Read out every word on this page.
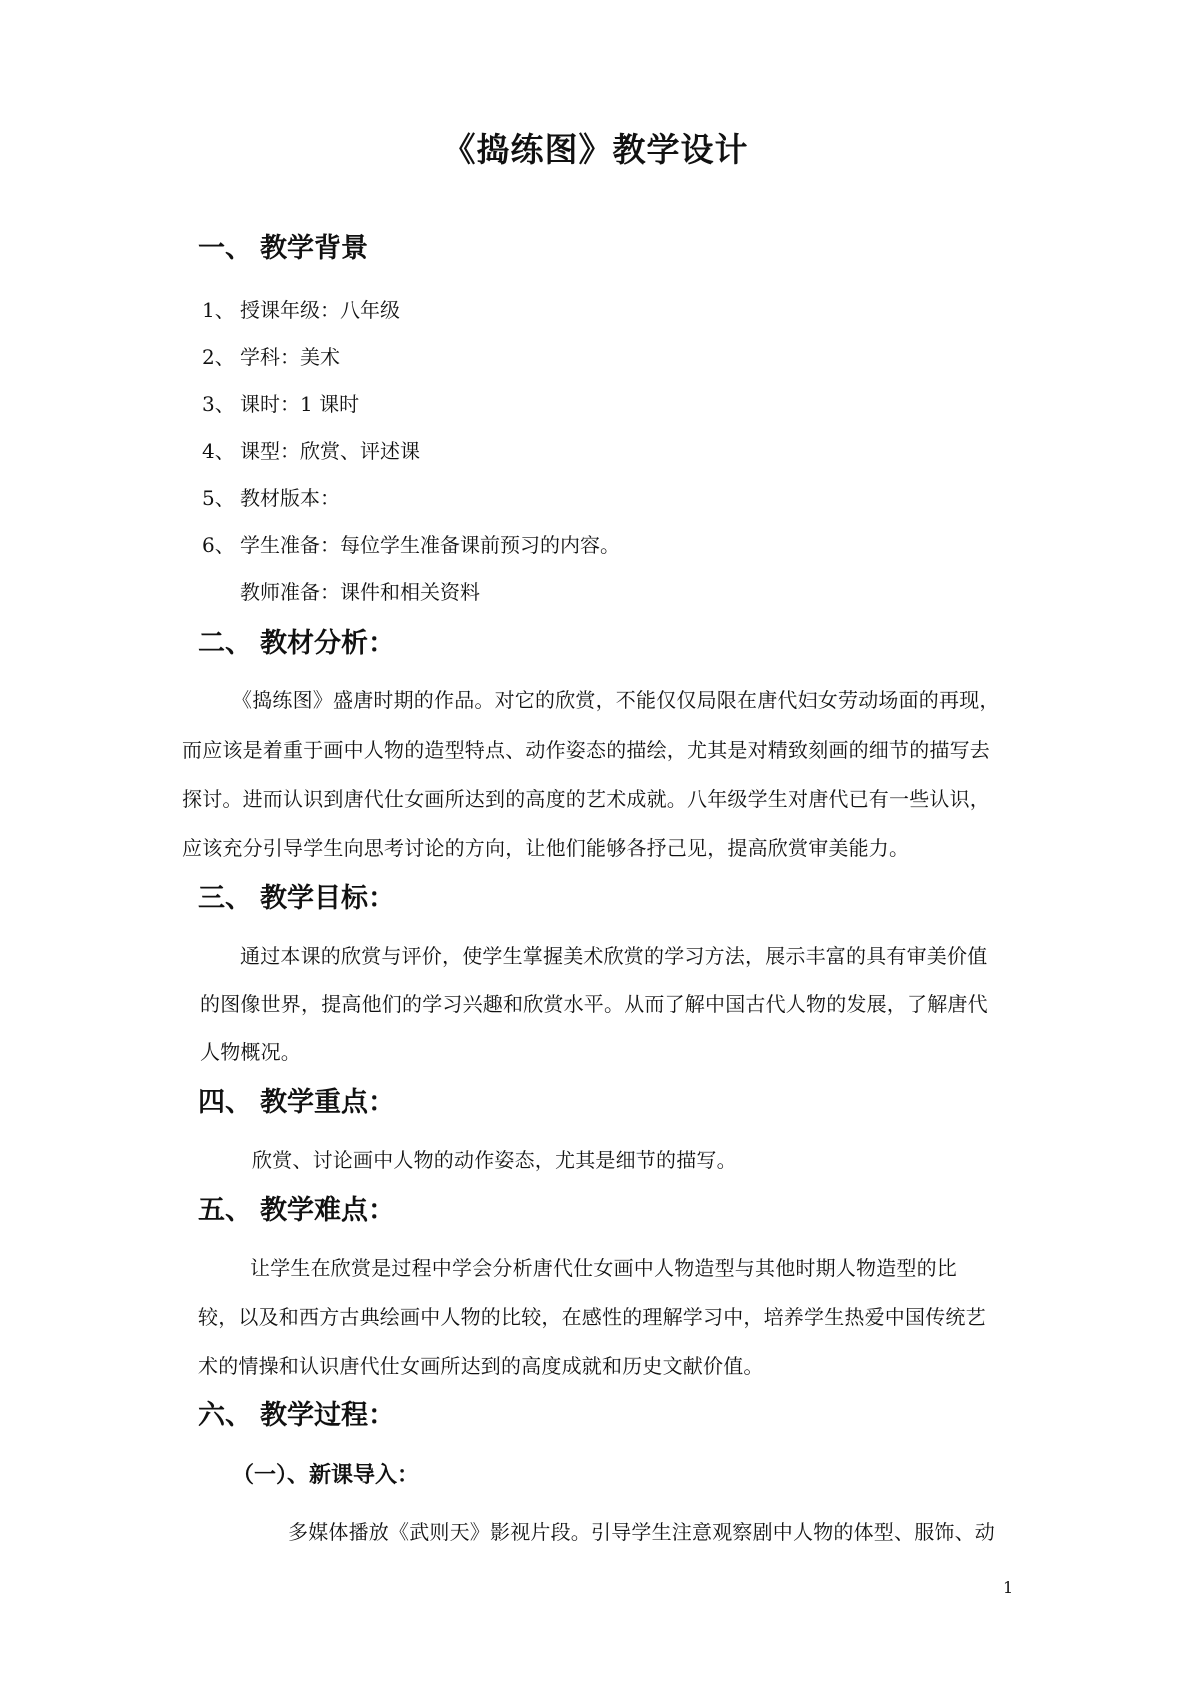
《捣练图》教学设计
一、 教学背景
1、 授课年级：八年级
2、 学科：美术
3、 课时：1 课时
4、 课型：欣赏、评述课
5、 教材版本：
6、 学生准备：每位学生准备课前预习的内容。
教师准备：课件和相关资料
二、 教材分析：
《捣练图》盛唐时期的作品。对它的欣赏，不能仅仅局限在唐代妇女劳动场面的再现，
而应该是着重于画中人物的造型特点、动作姿态的描绘，尤其是对精致刻画的细节的描写去
探讨。进而认识到唐代仕女画所达到的高度的艺术成就。八年级学生对唐代已有一些认识，
应该充分引导学生向思考讨论的方向，让他们能够各抒己见，提高欣赏审美能力。
三、 教学目标：
通过本课的欣赏与评价，使学生掌握美术欣赏的学习方法，展示丰富的具有审美价值
的图像世界，提高他们的学习兴趣和欣赏水平。从而了解中国古代人物的发展，了解唐代
人物概况。
四、 教学重点：
欣赏、讨论画中人物的动作姿态，尤其是细节的描写。
五、 教学难点：
让学生在欣赏是过程中学会分析唐代仕女画中人物造型与其他时期人物造型的比
较，以及和西方古典绘画中人物的比较，在感性的理解学习中，培养学生热爱中国传统艺
术的情操和认识唐代仕女画所达到的高度成就和历史文献价值。
六、 教学过程：
（一）、新课导入：
多媒体播放《武则天》影视片段。引导学生注意观察剧中人物的体型、服饰、动
1
